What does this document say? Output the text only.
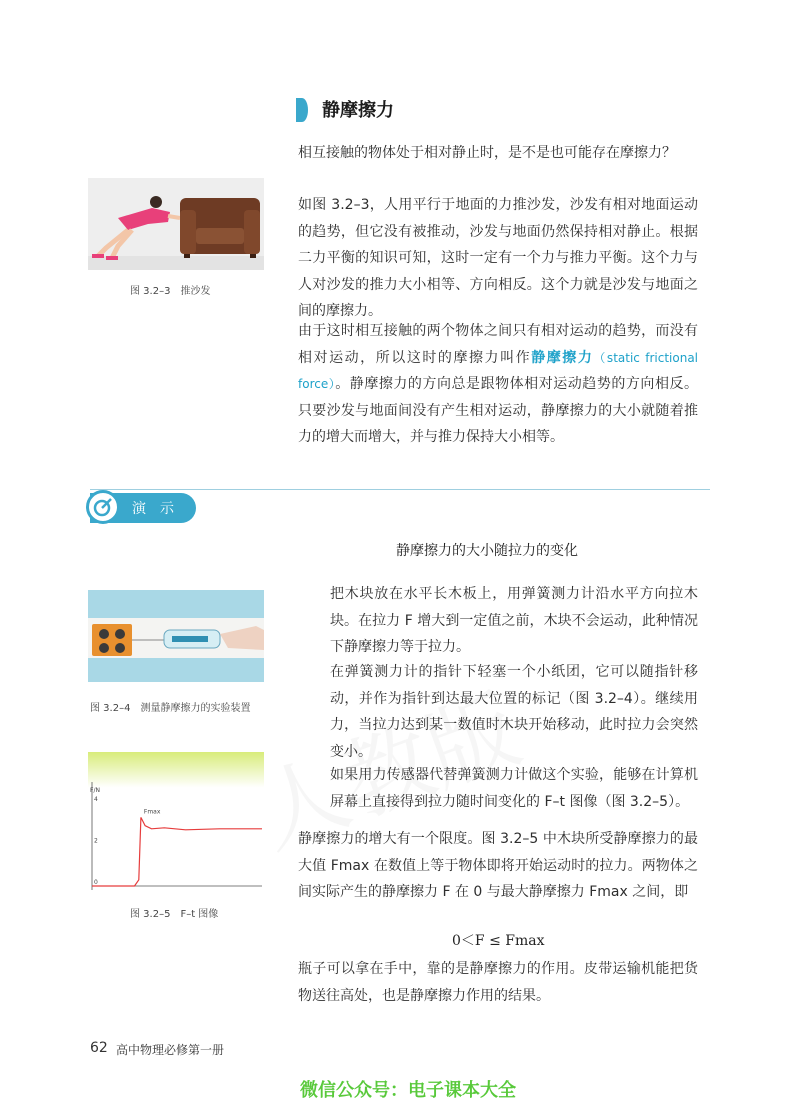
静摩擦力
相互接触的物体处于相对静止时，是不是也可能存在摩擦力？
如图 3.2–3，人用平行于地面的力推沙发，沙发有相对地面运动的趋势，但它没有被推动，沙发与地面仍然保持相对静止。根据二力平衡的知识可知，这时一定有一个力与推力平衡。这个力与人对沙发的推力大小相等、方向相反。这个力就是沙发与地面之间的摩擦力。
由于这时相互接触的两个物体之间只有相对运动的趋势，而没有相对运动，所以这时的摩擦力叫作静摩擦力（static frictional force）。静摩擦力的方向总是跟物体相对运动趋势的方向相反。只要沙发与地面间没有产生相对运动，静摩擦力的大小就随着推力的增大而增大，并与推力保持大小相等。
图 3.2–3　推沙发
演示
静摩擦力的大小随拉力的变化
把木块放在水平长木板上，用弹簧测力计沿水平方向拉木块。在拉力 F 增大到一定值之前，木块不会运动，此种情况下静摩擦力等于拉力。
在弹簧测力计的指针下轻塞一个小纸团，它可以随指针移动，并作为指针到达最大位置的标记（图 3.2–4）。继续用力，当拉力达到某一数值时木块开始移动，此时拉力会突然变小。
如果用力传感器代替弹簧测力计做这个实验，能够在计算机屏幕上直接得到拉力随时间变化的 F–t 图像（图 3.2–5）。
图 3.2–4　测量静摩擦力的实验装置
F/N
4
2
0
Fmax
图 3.2–5　F–t 图像
静摩擦力的增大有一个限度。图 3.2–5 中木块所受静摩擦力的最大值 Fmax 在数值上等于物体即将开始运动时的拉力。两物体之间实际产生的静摩擦力 F 在 0 与最大静摩擦力 Fmax 之间，即
0＜F ≤ Fmax
瓶子可以拿在手中，靠的是静摩擦力的作用。皮带运输机能把货物送往高处，也是静摩擦力作用的结果。
62 高中物理必修第一册
微信公众号：电子课本大全
